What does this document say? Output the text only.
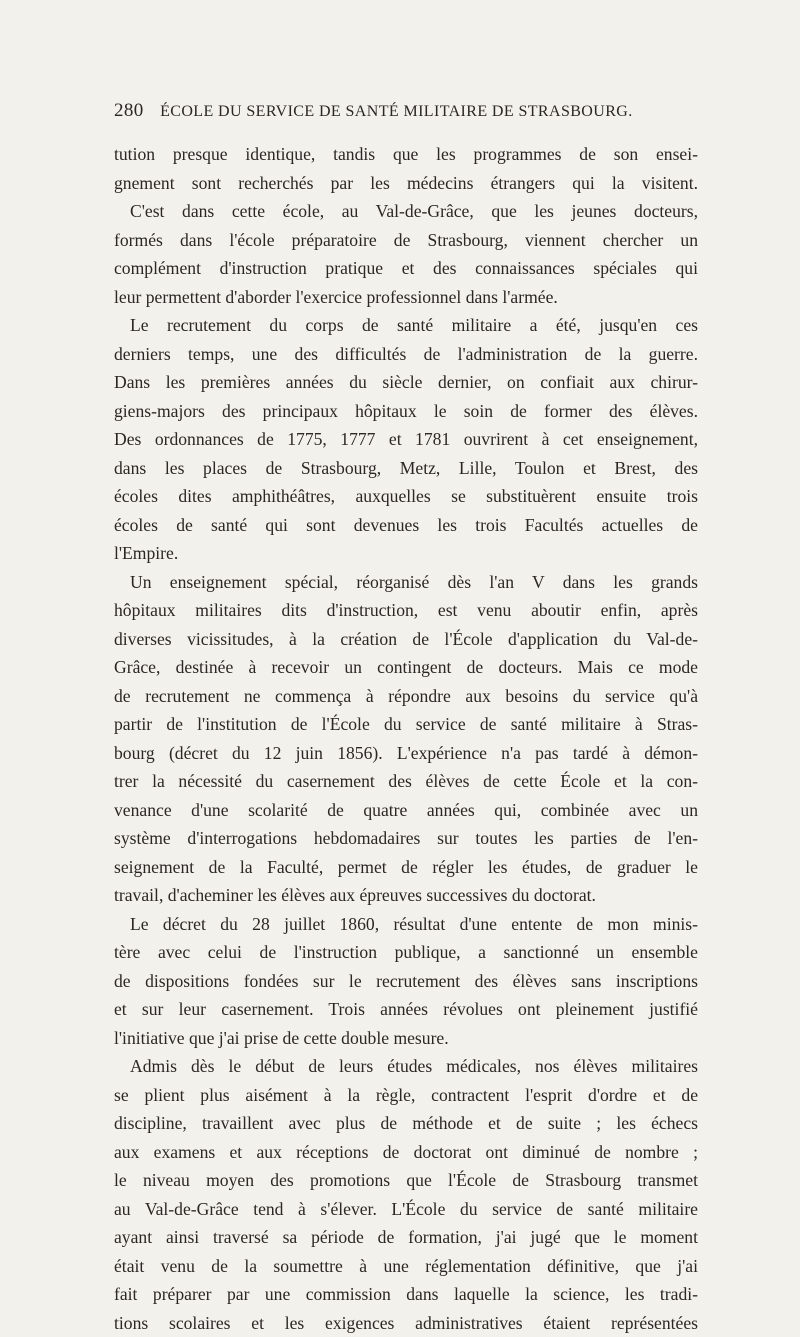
280 ÉCOLE DU SERVICE DE SANTÉ MILITAIRE DE STRASBOURG.
tution presque identique, tandis que les programmes de son ensei-
gnement sont recherchés par les médecins étrangers qui la visitent.
C'est dans cette école, au Val-de-Grâce, que les jeunes docteurs,
formés dans l'école préparatoire de Strasbourg, viennent chercher un
complément d'instruction pratique et des connaissances spéciales qui
leur permettent d'aborder l'exercice professionnel dans l'armée.
Le recrutement du corps de santé militaire a été, jusqu'en ces
derniers temps, une des difficultés de l'administration de la guerre.
Dans les premières années du siècle dernier, on confiait aux chirur-
giens-majors des principaux hôpitaux le soin de former des élèves.
Des ordonnances de 1775, 1777 et 1781 ouvrirent à cet enseignement,
dans les places de Strasbourg, Metz, Lille, Toulon et Brest, des
écoles dites amphithéâtres, auxquelles se substituèrent ensuite trois
écoles de santé qui sont devenues les trois Facultés actuelles de
l'Empire.
Un enseignement spécial, réorganisé dès l'an V dans les grands
hôpitaux militaires dits d'instruction, est venu aboutir enfin, après
diverses vicissitudes, à la création de l'École d'application du Val-de-
Grâce, destinée à recevoir un contingent de docteurs. Mais ce mode
de recrutement ne commença à répondre aux besoins du service qu'à
partir de l'institution de l'École du service de santé militaire à Stras-
bourg (décret du 12 juin 1856). L'expérience n'a pas tardé à démon-
trer la nécessité du casernement des élèves de cette École et la con-
venance d'une scolarité de quatre années qui, combinée avec un
système d'interrogations hebdomadaires sur toutes les parties de l'en-
seignement de la Faculté, permet de régler les études, de graduer le
travail, d'acheminer les élèves aux épreuves successives du doctorat.
Le décret du 28 juillet 1860, résultat d'une entente de mon minis-
tère avec celui de l'instruction publique, a sanctionné un ensemble
de dispositions fondées sur le recrutement des élèves sans inscriptions
et sur leur casernement. Trois années révolues ont pleinement justifié
l'initiative que j'ai prise de cette double mesure.
Admis dès le début de leurs études médicales, nos élèves militaires
se plient plus aisément à la règle, contractent l'esprit d'ordre et de
discipline, travaillent avec plus de méthode et de suite ; les échecs
aux examens et aux réceptions de doctorat ont diminué de nombre ;
le niveau moyen des promotions que l'École de Strasbourg transmet
au Val-de-Grâce tend à s'élever. L'École du service de santé militaire
ayant ainsi traversé sa période de formation, j'ai jugé que le moment
était venu de la soumettre à une réglementation définitive, que j'ai
fait préparer par une commission dans laquelle la science, les tradi-
tions scolaires et les exigences administratives étaient représentées
